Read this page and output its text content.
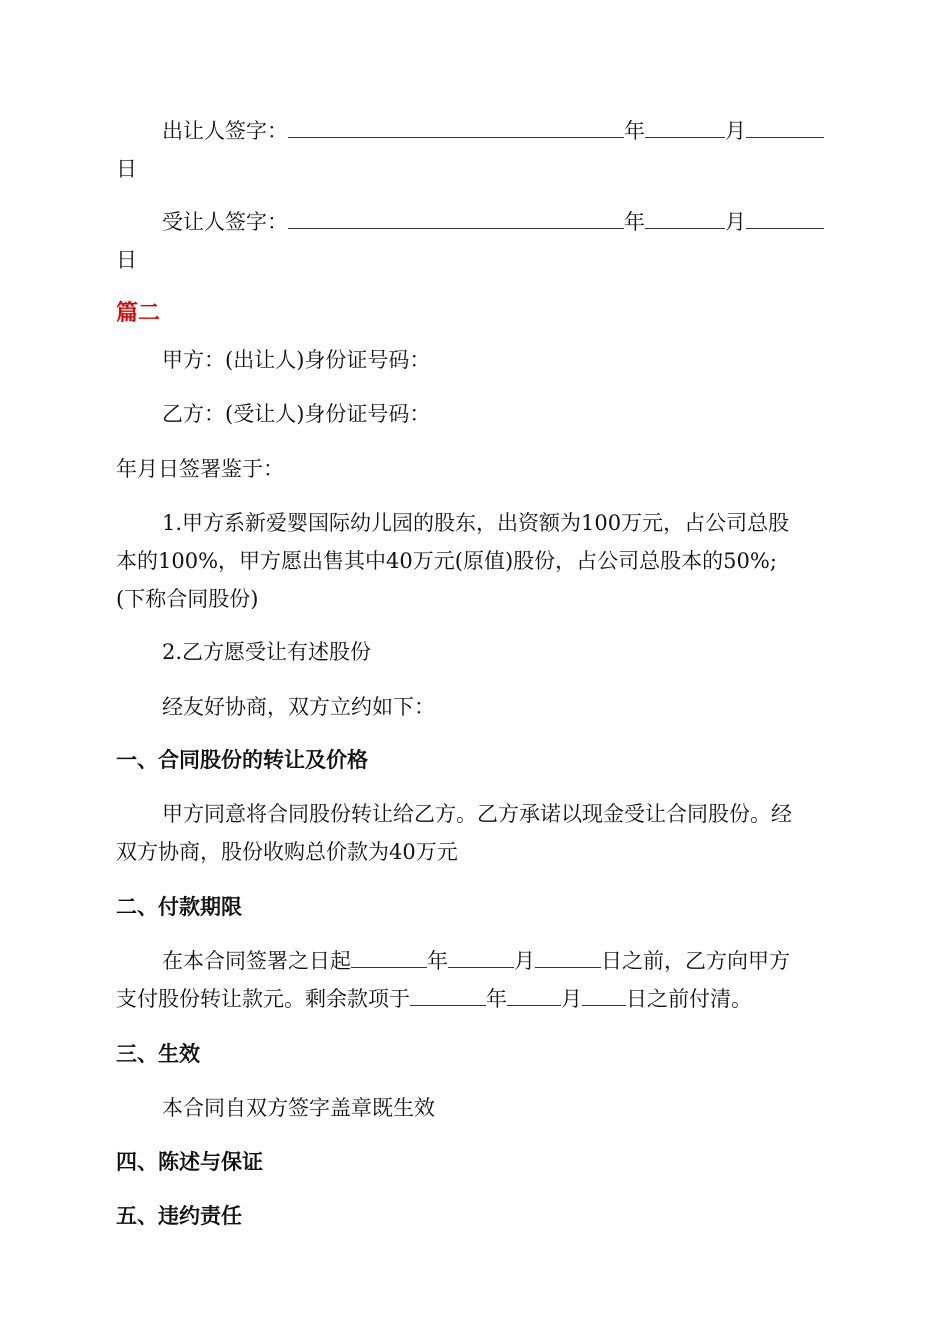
出让人签字：	年	月
日
受让人签字：	年	月
日
篇二
甲方：(出让人)身份证号码：
乙方：(受让人)身份证号码：
年月日签署鉴于：
1.甲方系新爱婴国际幼儿园的股东，出资额为100万元，占公司总股
本的100%，甲方愿出售其中40万元(原值)股份，占公司总股本的50%;
(下称合同股份)
2.乙方愿受让有述股份
经友好协商，双方立约如下：
一、合同股份的转让及价格
甲方同意将合同股份转让给乙方。乙方承诺以现金受让合同股份。经
双方协商，股份收购总价款为40万元
二、付款期限
在本合同签署之日起	年	月	日之前，乙方向甲方
支付股份转让款元。剩余款项于	年	月 日之前付清。
三、生效
本合同自双方签字盖章既生效
四、陈述与保证
五、违约责任
